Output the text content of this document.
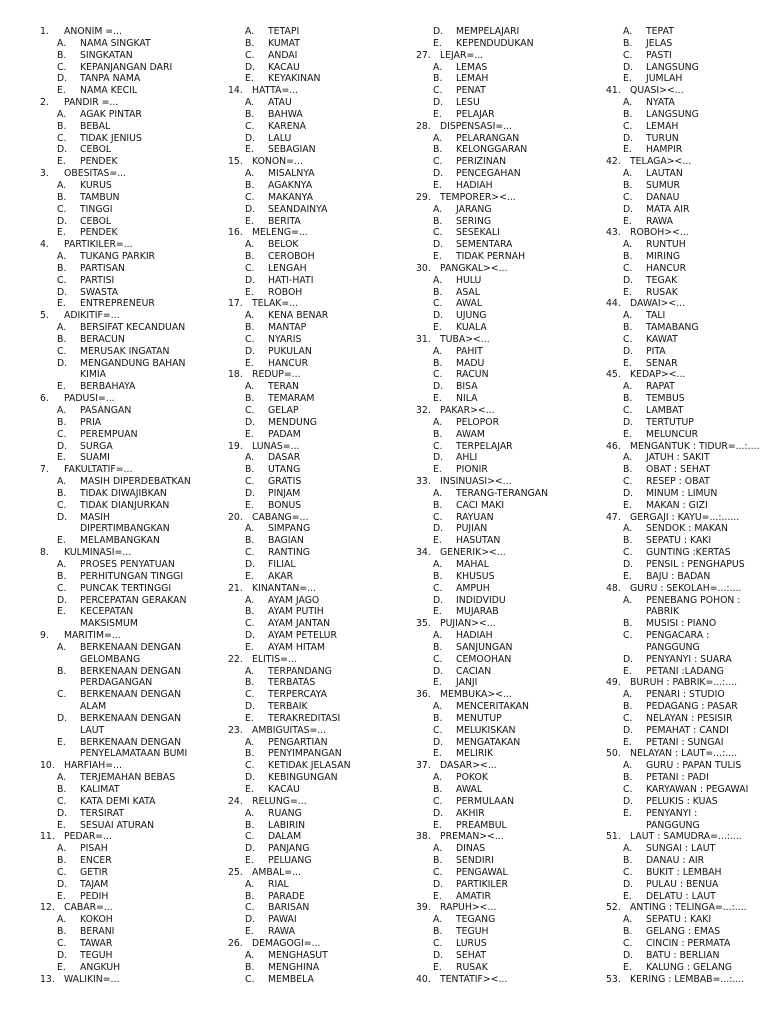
1. ANONIM =...
A. NAMA SINGKAT
B. SINGKATAN
C. KEPANJANGAN DARI
D. TANPA NAMA
E. NAMA KECIL
2. PANDIR =...
A. AGAK PINTAR
B. BEBAL
C. TIDAK JENIUS
D. CEBOL
E. PENDEK
3. OBESITAS=...
A. KURUS
B. TAMBUN
C. TINGGI
D. CEBOL
E. PENDEK
4. PARTIKILER=...
A. TUKANG PARKIR
B. PARTISAN
C. PARTISI
D. SWASTA
E. ENTREPRENEUR
5. ADIKITIF=...
A. BERSIFAT KECANDUAN
B. BERACUN
C. MERUSAK INGATAN
D. MENGANDUNG BAHAN
KIMIA
E. BERBAHAYA
6. PADUSI=...
A. PASANGAN
B. PRIA
C. PEREMPUAN
D. SURGA
E. SUAMI
7. FAKULTATIF=...
A. MASIH DIPERDEBATKAN
B. TIDAK DIWAJIBKAN
C. TIDAK DIANJURKAN
D. MASIH
DIPERTIMBANGKAN
E. MELAMBANGKAN
8. KULMINASI=...
A. PROSES PENYATUAN
B. PERHITUNGAN TINGGI
C. PUNCAK TERTINGGI
D. PERCEPATAN GERAKAN
E. KECEPATAN
MAKSISMUM
9. MARITIM=...
A. BERKENAAN DENGAN
GELOMBANG
B. BERKENAAN DENGAN
PERDAGANGAN
C. BERKENAAN DENGAN
ALAM
D. BERKENAAN DENGAN
LAUT
E. BERKENAAN DENGAN
PENYELAMATAAN BUMI
10. HARFIAH=...
A. TERJEMAHAN BEBAS
B. KALIMAT
C. KATA DEMI KATA
D. TERSIRAT
E. SESUAI ATURAN
11. PEDAR=...
A. PISAH
B. ENCER
C. GETIR
D. TAJAM
E. PEDIH
12. CABAR=...
A. KOKOH
B. BERANI
C. TAWAR
D. TEGUH
E. ANGKUH
13. WALIKIN=...
A. TETAPI
B. KUMAT
C. ANDAI
D. KACAU
E. KEYAKINAN
14. HATTA=...
A. ATAU
B. BAHWA
C. KARENA
D. LALU
E. SEBAGIAN
15. KONON=...
A. MISALNYA
B. AGAKNYA
C. MAKANYA
D. SEANDAINYA
E. BERITA
16. MELENG=...
A. BELOK
B. CEROBOH
C. LENGAH
D. HATI-HATI
E. ROBOH
17. TELAK=...
A. KENA BENAR
B. MANTAP
C. NYARIS
D. PUKULAN
E. HANCUR
18. REDUP=...
A. TERAN
B. TEMARAM
C. GELAP
D. MENDUNG
E. PADAM
19. LUNAS=...
A. DASAR
B. UTANG
C. GRATIS
D. PINJAM
E. BONUS
20. CABANG=...
A. SIMPANG
B. BAGIAN
C. RANTING
D. FILIAL
E. AKAR
21. KINANTAN=...
A. AYAM JAGO
B. AYAM PUTIH
C. AYAM JANTAN
D. AYAM PETELUR
E. AYAM HITAM
22. ELITIS=...
A. TERPANDANG
B. TERBATAS
C. TERPERCAYA
D. TERBAIK
E. TERAKREDITASI
23. AMBIGUITAS=...
A. PENGARTIAN
B. PENYIMPANGAN
C. KETIDAK JELASAN
D. KEBINGUNGAN
E. KACAU
24. RELUNG=...
A. RUANG
B. LABIRIN
C. DALAM
D. PANJANG
E. PELUANG
25. AMBAL=...
A. RIAL
B. PARADE
C. BARISAN
D. PAWAI
E. RAWA
26. DEMAGOGI=...
A. MENGHASUT
B. MENGHINA
C. MEMBELA
D. MEMPELAJARI
E. KEPENDUDUKAN
27. LEJAR=...
A. LEMAS
B. LEMAH
C. PENAT
D. LESU
E. PELAJAR
28. DISPENSASI=...
A. PELARANGAN
B. KELONGGARAN
C. PERIZINAN
D. PENCEGAHAN
E. HADIAH
29. TEMPORER><...
A. JARANG
B. SERING
C. SESEKALI
D. SEMENTARA
E. TIDAK PERNAH
30. PANGKAL><...
A. HULU
B. ASAL
C. AWAL
D. UJUNG
E. KUALA
31. TUBA><...
A. PAHIT
B. MADU
C. RACUN
D. BISA
E. NILA
32. PAKAR><...
A. PELOPOR
B. AWAM
C. TERPELAJAR
D. AHLI
E. PIONIR
33. INSINUASI><...
A. TERANG-TERANGAN
B. CACI MAKI
C. RAYUAN
D. PUJIAN
E. HASUTAN
34. GENERIK><...
A. MAHAL
B. KHUSUS
C. AMPUH
D. INDIDVIDU
E. MUJARAB
35. PUJIAN><...
A. HADIAH
B. SANJUNGAN
C. CEMOOHAN
D. CACIAN
E. JANJI
36. MEMBUKA><...
A. MENCERITAKAN
B. MENUTUP
C. MELUKISKAN
D. MENGATAKAN
E. MELIRIK
37. DASAR><...
A. POKOK
B. AWAL
C. PERMULAAN
D. AKHIR
E. PREAMBUL
38. PREMAN><...
A. DINAS
B. SENDIRI
C. PENGAWAL
D. PARTIKILER
E. AMATIR
39. RAPUH><...
A. TEGANG
B. TEGUH
C. LURUS
D. SEHAT
E. RUSAK
40. TENTATIF><...
A. TEPAT
B. JELAS
C. PASTI
D. LANGSUNG
E. JUMLAH
41. QUASI><...
A. NYATA
B. LANGSUNG
C. LEMAH
D. TURUN
E. HAMPIR
42. TELAGA><...
A. LAUTAN
B. SUMUR
C. DANAU
D. MATA AIR
E. RAWA
43. ROBOH><...
A. RUNTUH
B. MIRING
C. HANCUR
D. TEGAK
E. RUSAK
44. DAWAI><...
A. TALI
B. TAMABANG
C. KAWAT
D. PITA
E. SENAR
45. KEDAP><...
A. RAPAT
B. TEMBUS
C. LAMBAT
D. TERTUTUP
E. MELUNCUR
46. MENGANTUK : TIDUR=...:....
A. JATUH : SAKIT
B. OBAT : SEHAT
C. RESEP : OBAT
D. MINUM : LIMUN
E. MAKAN : GIZI
47. GERGAJI : KAYU=...:......
A. SENDOK : MAKAN
B. SEPATU : KAKI
C. GUNTING :KERTAS
D. PENSIL : PENGHAPUS
E. BAJU : BADAN
48. GURU : SEKOLAH=...:....
A. PENEBANG POHON :
PABRIK
B. MUSISI : PIANO
C. PENGACARA :
PANGGUNG
D. PENYANYI : SUARA
E. PETANI :LADANG
49. BURUH : PABRIK=...:....
A. PENARI : STUDIO
B. PEDAGANG : PASAR
C. NELAYAN : PESISIR
D. PEMAHAT : CANDI
E. PETANI : SUNGAI
50. NELAYAN : LAUT=...:....
A. GURU : PAPAN TULIS
B. PETANI : PADI
C. KARYAWAN : PEGAWAI
D. PELUKIS : KUAS
E. PENYANYI :
PANGGUNG
51. LAUT : SAMUDRA=...:....
A. SUNGAI : LAUT
B. DANAU : AIR
C. BUKIT : LEMBAH
D. PULAU : BENUA
E. DELATU : LAUT
52. ANTING : TELINGA=...:....
A. SEPATU : KAKI
B. GELANG : EMAS
C. CINCIN : PERMATA
D. BATU : BERLIAN
E. KALUNG : GELANG
53. KERING : LEMBAB=...:....
